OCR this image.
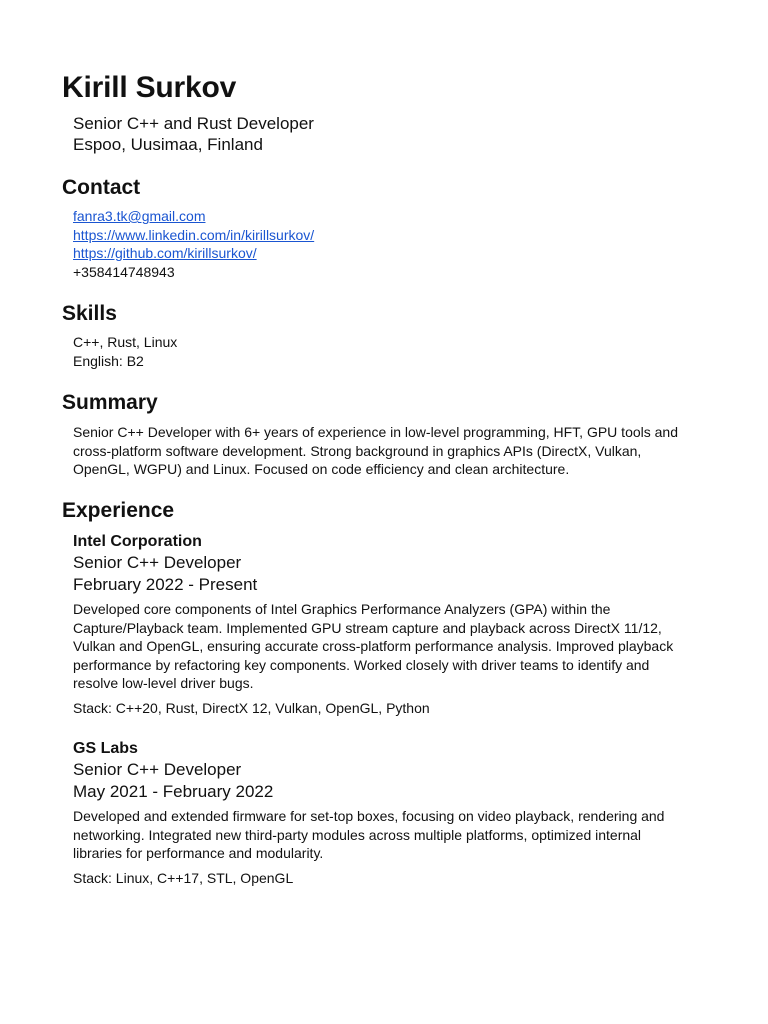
Kirill Surkov
Senior C++ and Rust Developer
Espoo, Uusimaa, Finland
Contact
fanra3.tk@gmail.com
https://www.linkedin.com/in/kirillsurkov/
https://github.com/kirillsurkov/
+358414748943
Skills
C++, Rust, Linux
English: B2
Summary
Senior C++ Developer with 6+ years of experience in low-level programming, HFT, GPU tools and
cross-platform software development. Strong background in graphics APIs (DirectX, Vulkan,
OpenGL, WGPU) and Linux. Focused on code efficiency and clean architecture.
Experience
Intel Corporation
Senior C++ Developer
February 2022 - Present
Developed core components of Intel Graphics Performance Analyzers (GPA) within the
Capture/Playback team. Implemented GPU stream capture and playback across DirectX 11/12,
Vulkan and OpenGL, ensuring accurate cross-platform performance analysis. Improved playback
performance by refactoring key components. Worked closely with driver teams to identify and
resolve low-level driver bugs.
Stack: C++20, Rust, DirectX 12, Vulkan, OpenGL, Python
GS Labs
Senior C++ Developer
May 2021 - February 2022
Developed and extended firmware for set-top boxes, focusing on video playback, rendering and
networking. Integrated new third-party modules across multiple platforms, optimized internal
libraries for performance and modularity.
Stack: Linux, C++17, STL, OpenGL
